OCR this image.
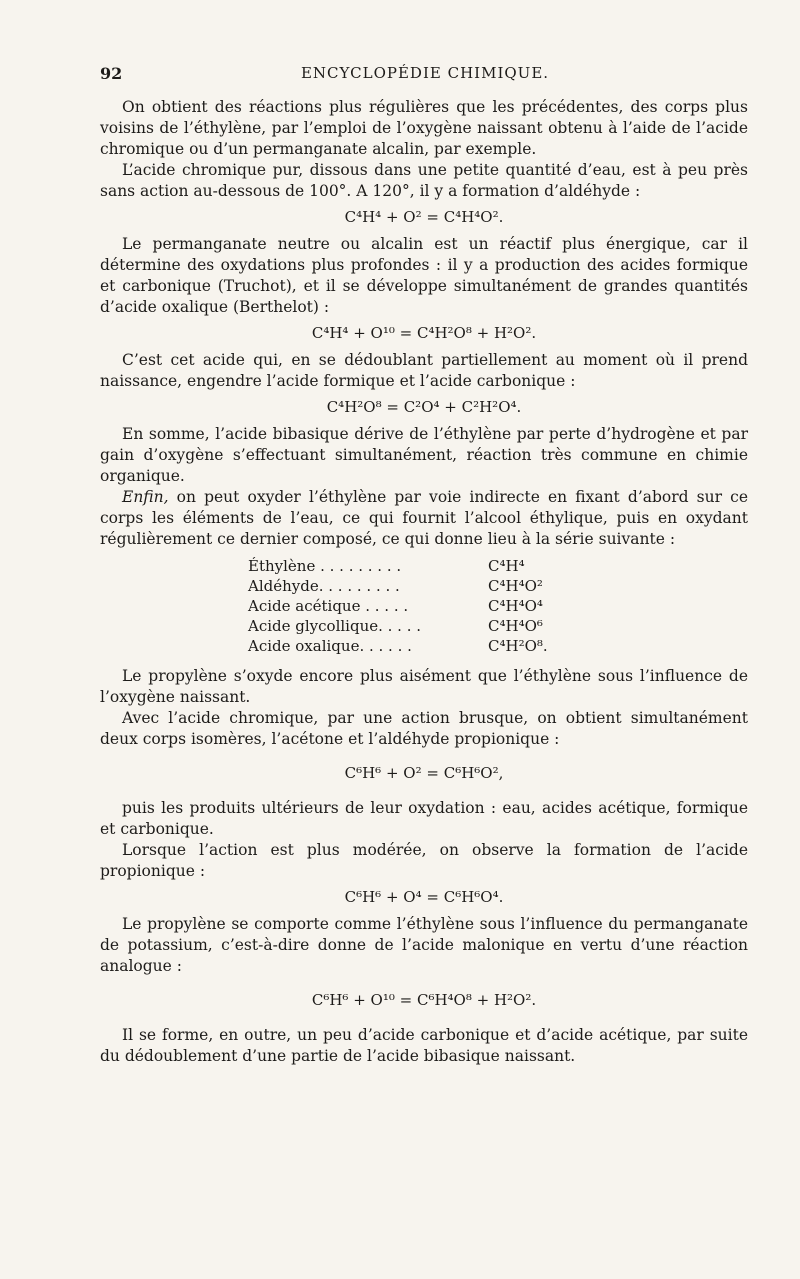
92	ENCYCLOPÉDIE CHIMIQUE.

On obtient des réactions plus régulières que les précédentes, des corps plus voisins de l’éthylène, par l’emploi de l’oxygène naissant obtenu à l’aide de l’acide chromique ou d’un permanganate alcalin, par exemple.

L’acide chromique pur, dissous dans une petite quantité d’eau, est à peu près sans action au-dessous de 100°. A 120°, il y a formation d’aldéhyde :

C⁴H⁴ + O² = C⁴H⁴O².

Le permanganate neutre ou alcalin est un réactif plus énergique, car il détermine des oxydations plus profondes : il y a production des acides formique et carbonique (Truchot), et il se développe simultanément de grandes quantités d’acide oxalique (Berthelot) :

C⁴H⁴ + O¹⁰ = C⁴H²O⁸ + H²O².

C’est cet acide qui, en se dédoublant partiellement au moment où il prend naissance, engendre l’acide formique et l’acide carbonique :

C⁴H²O⁸ = C²O⁴ + C²H²O⁴.

En somme, l’acide bibasique dérive de l’éthylène par perte d’hydrogène et par gain d’oxygène s’effectuant simultanément, réaction très commune en chimie organique.

Enfin, on peut oxyder l’éthylène par voie indirecte en fixant d’abord sur ce corps les éléments de l’eau, ce qui fournit l’alcool éthylique, puis en oxydant régulièrement ce dernier composé, ce qui donne lieu à la série suivante :

Éthylène . . . . . . . . .	C⁴H⁴
Aldéhyde. . . . . . . . .	C⁴H⁴O²
Acide acétique . . . . .	C⁴H⁴O⁴
Acide glycollique. . . . .	C⁴H⁴O⁶
Acide oxalique. . . . . .	C⁴H²O⁸.

Le propylène s’oxyde encore plus aisément que l’éthylène sous l’influence de l’oxygène naissant.

Avec l’acide chromique, par une action brusque, on obtient simultanément deux corps isomères, l’acétone et l’aldéhyde propionique :

C⁶H⁶ + O² = C⁶H⁶O²,

puis les produits ultérieurs de leur oxydation : eau, acides acétique, formique et carbonique.

Lorsque l’action est plus modérée, on observe la formation de l’acide propionique :

C⁶H⁶ + O⁴ = C⁶H⁶O⁴.

Le propylène se comporte comme l’éthylène sous l’influence du permanganate de potassium, c’est-à-dire donne de l’acide malonique en vertu d’une réaction analogue :

C⁶H⁶ + O¹⁰ = C⁶H⁴O⁸ + H²O².

Il se forme, en outre, un peu d’acide carbonique et d’acide acétique, par suite du dédoublement d’une partie de l’acide bibasique naissant.
